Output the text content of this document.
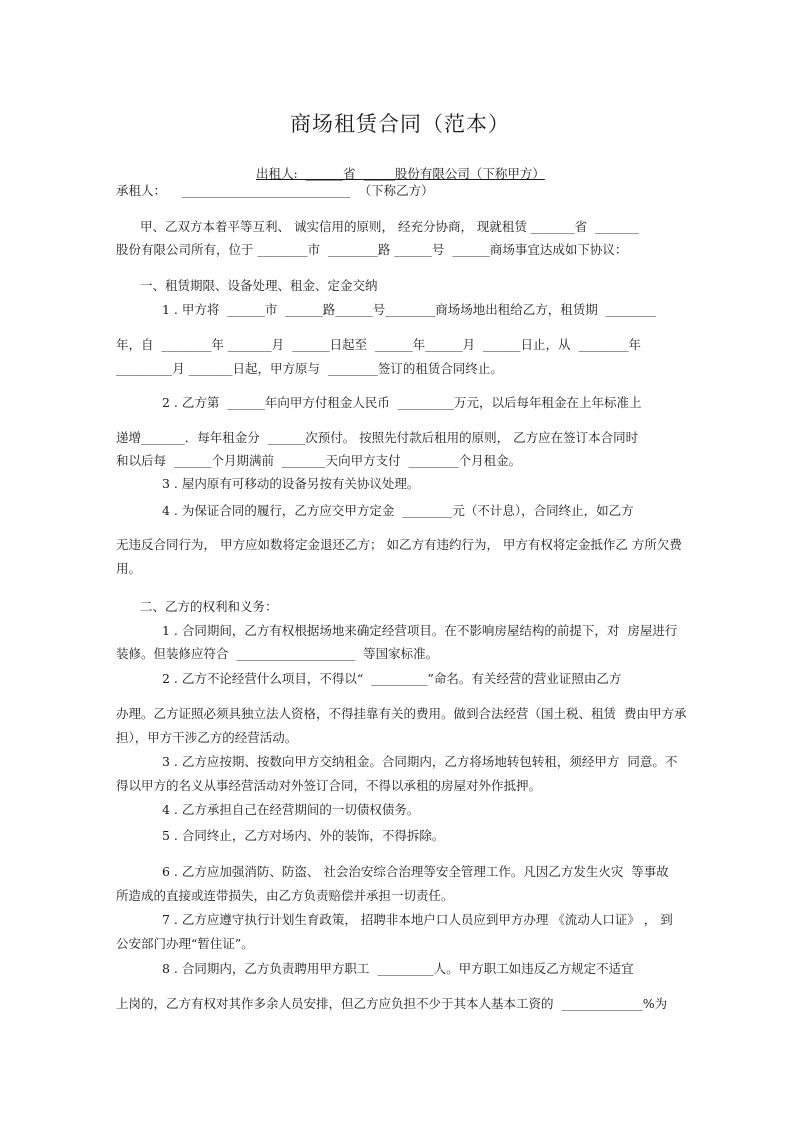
商场租赁合同（范本）
出租人:  ______省  _____股份有限公司（下称甲方）
承租人：    ___________________________  （下称乙方）
甲、乙双方本着平等互利、 诚实信用的原则， 经充分协商， 现就租赁 _______省  _______
股份有限公司所有，位于 ________市  ________路 ______号  ______商场事宜达成如下协议：
一、租赁期限、设备处理、租金、定金交纳
1 . 甲方将  ______市  ______路______号________商场场地出租给乙方，租赁期  ________
年，自  ________年 _______月  ______日起至  ______年______月  ______日止，从  ________年
_________月 _______日起，甲方原与  ________签订的租赁合同终止。
2 . 乙方第  ______年向甲方付租金人民币  _________万元，以后每年租金在上年标准上
递增_______．每年租金分  ______次预付。 按照先付款后租用的原则， 乙方应在签订本合同时
和以后每  ______个月期满前  _______天向甲方支付  ________个月租金。
3 . 屋内原有可移动的设备另按有关协议处理。
4 . 为保证合同的履行，乙方应交甲方定金  ________元（不计息），合同终止，如乙方
无违反合同行为， 甲方应如数将定金退还乙方； 如乙方有违约行为， 甲方有权将定金抵作乙 方所欠费
用。
二、乙方的权利和义务：
1 . 合同期间，乙方有权根据场地来确定经营项目。在不影响房屋结构的前提下，对  房屋进行
装修。但装修应符合  ___________________  等国家标准。
2 . 乙方不论经营什么项目，不得以“  _________”命名。有关经营的营业证照由乙方
办理。乙方证照必须具独立法人资格，不得挂靠有关的费用。做到合法经营（国土税、租赁  费由甲方承
担），甲方干涉乙方的经营活动。
3 . 乙方应按期、按数向甲方交纳租金。合同期内，乙方将场地转包转租，须经甲方  同意。不
得以甲方的名义从事经营活动对外签订合同，不得以承租的房屋对外作抵押。
4 . 乙方承担自己在经营期间的一切债权债务。
5 . 合同终止，乙方对场内、外的装饰，不得拆除。
6 . 乙方应加强消防、防盗、 社会治安综合治理等安全管理工作。凡因乙方发生火灾  等事故
所造成的直接或连带损失，由乙方负责赔偿并承担一切责任。
7 . 乙方应遵守执行计划生育政策， 招聘非本地户口人员应到甲方办理 《流动人口证》 ， 到
公安部门办理“暂住证”。
8 . 合同期内，乙方负责聘用甲方职工  _________人。甲方职工如违反乙方规定不适宜
上岗的，乙方有权对其作多余人员安排，但乙方应负担不少于其本人基本工资的  _____________%为
